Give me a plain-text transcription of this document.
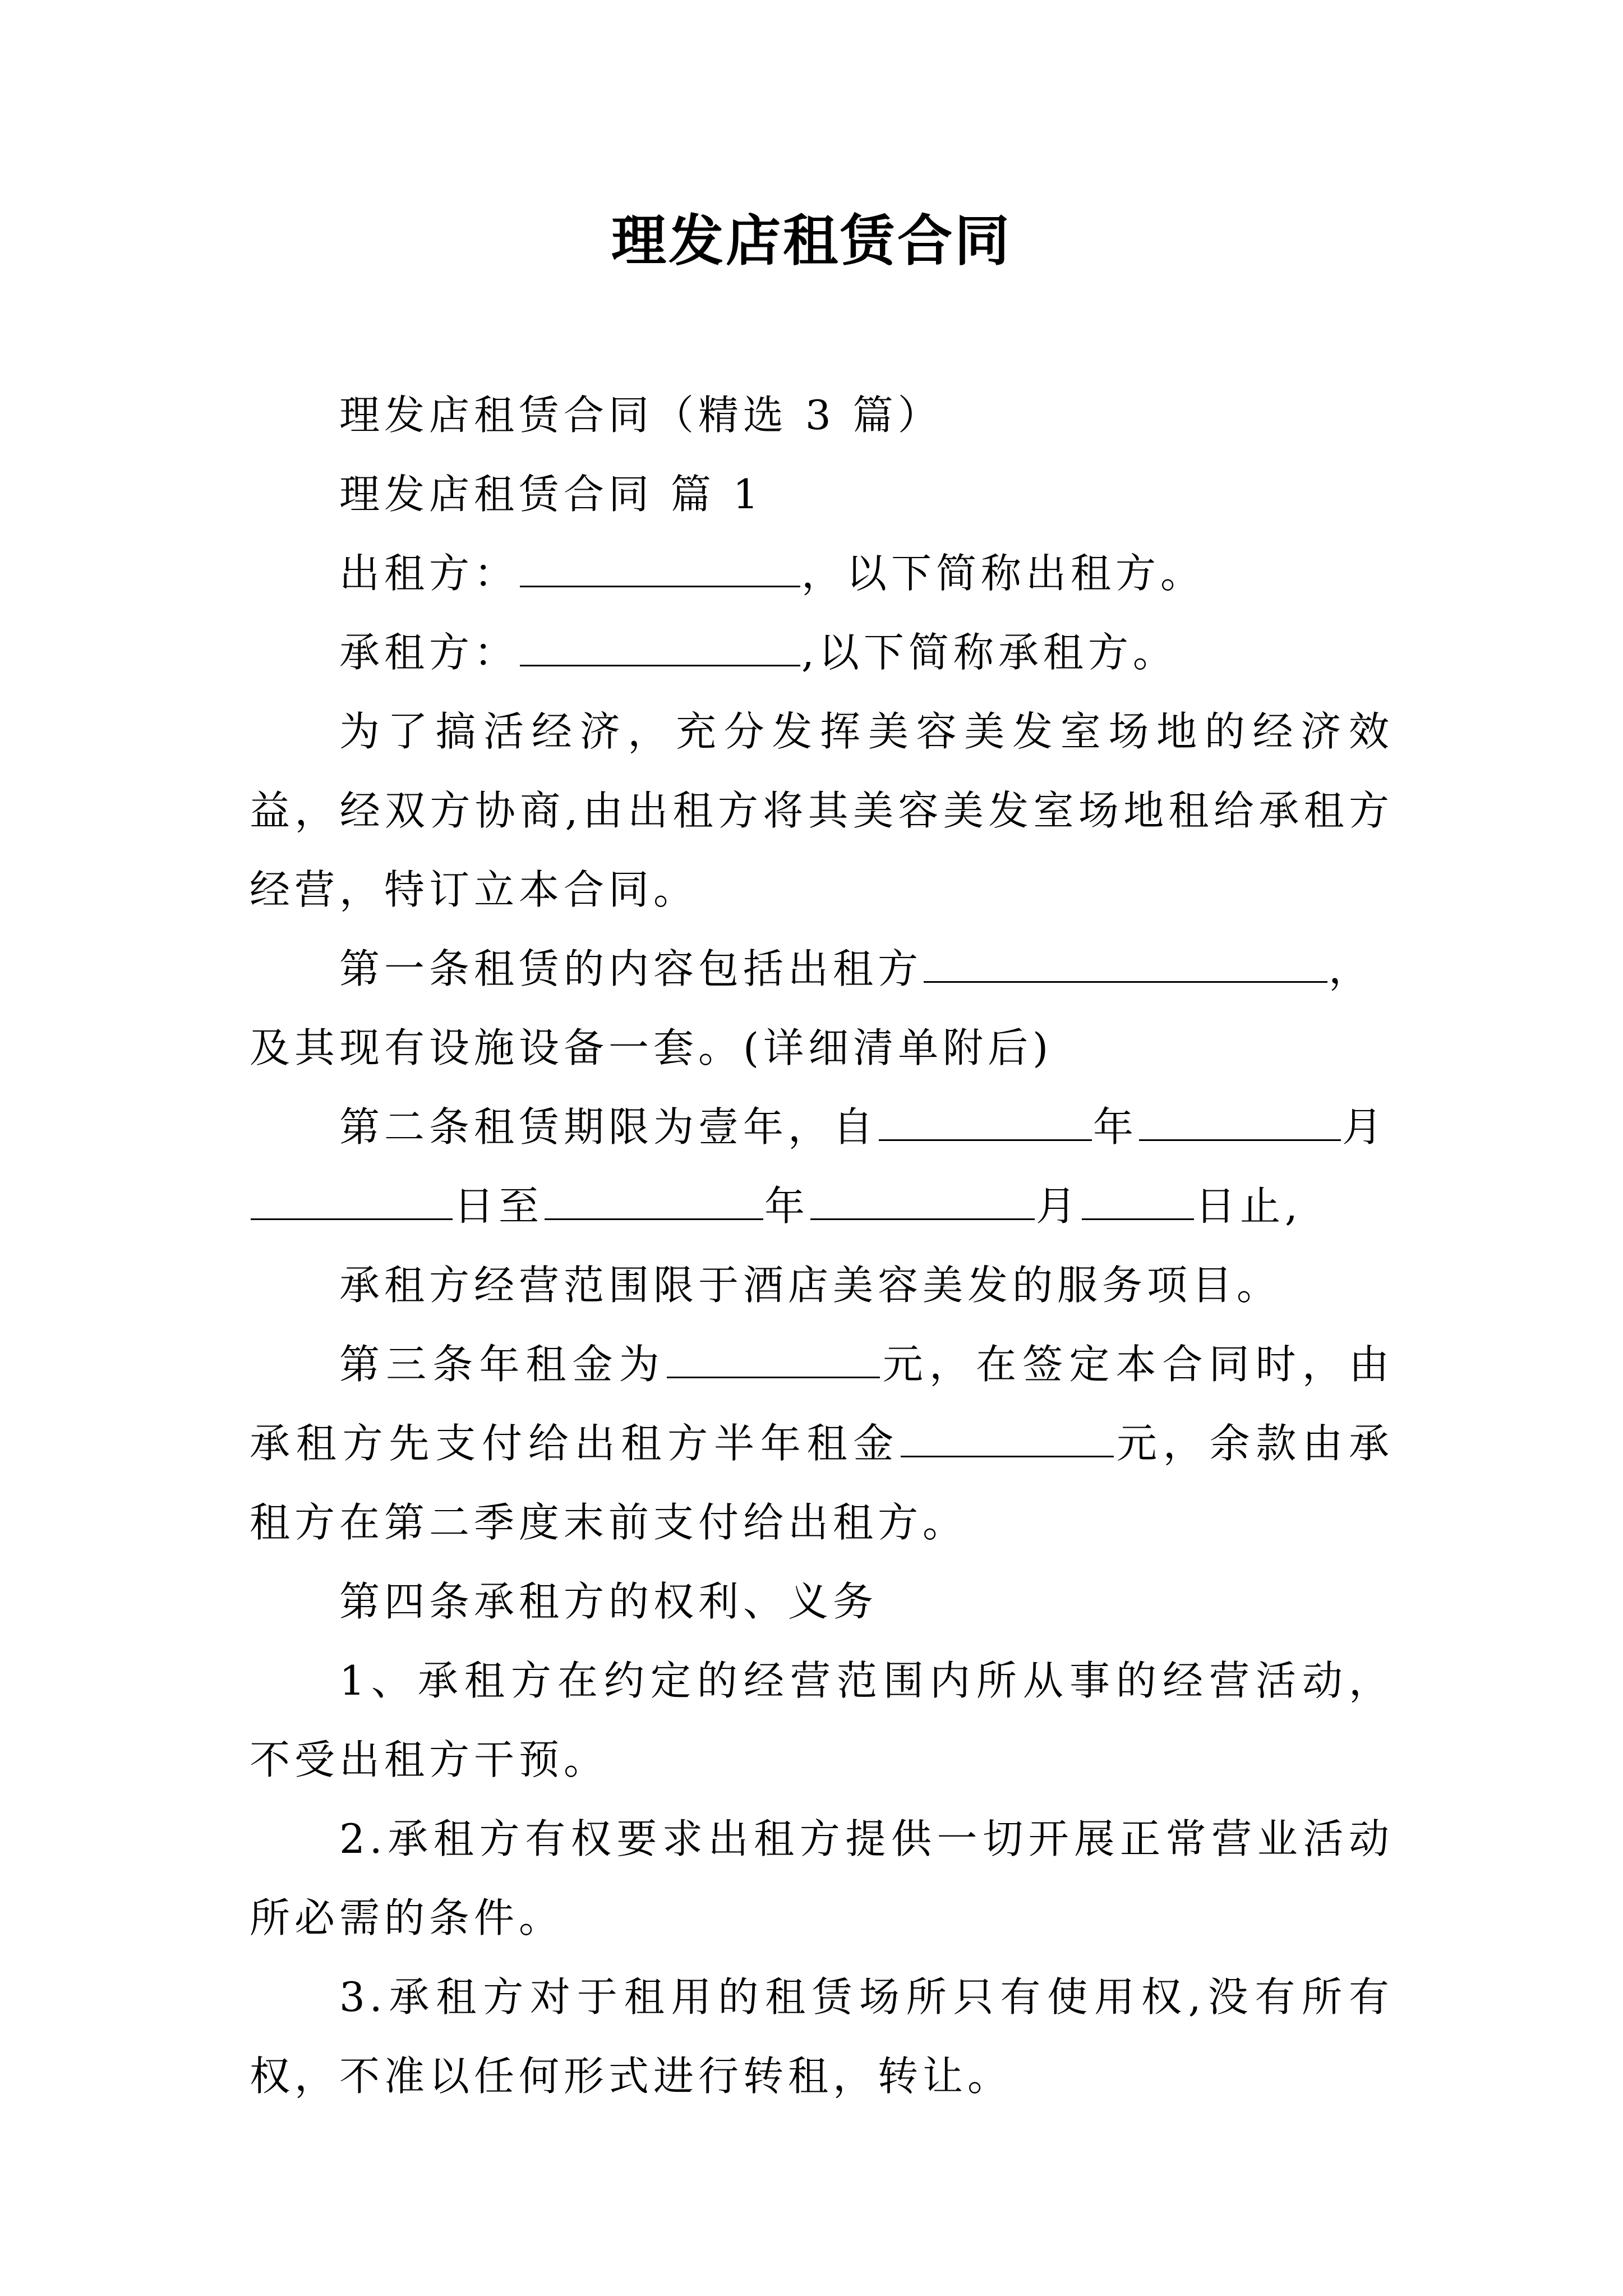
理发店租赁合同

理发店租赁合同（精选 3 篇）

理发店租赁合同 篇 1

出租方：	，以下简称出租方。

承租方：	,以下简称承租方。

为了搞活经济，充分发挥美容美发室场地的经济效益，经双方协商,由出租方将其美容美发室场地租给承租方经营，特订立本合同。

第一条租赁的内容包括出租方	，

及其现有设施设备一套。(详细清单附后)

第二条租赁期限为壹年，自	年	月

日至	年	月	日止,

承租方经营范围限于酒店美容美发的服务项目。

第三条年租金为	元，在签定本合同时，由承租方先支付给出租方半年租金	元，余款由承租方在第二季度末前支付给出租方。

第四条承租方的权利、义务

1、承租方在约定的经营范围内所从事的经营活动，不受出租方干预。

2.承租方有权要求出租方提供一切开展正常营业活动所必需的条件。

3.承租方对于租用的租赁场所只有使用权,没有所有权，不准以任何形式进行转租，转让。
